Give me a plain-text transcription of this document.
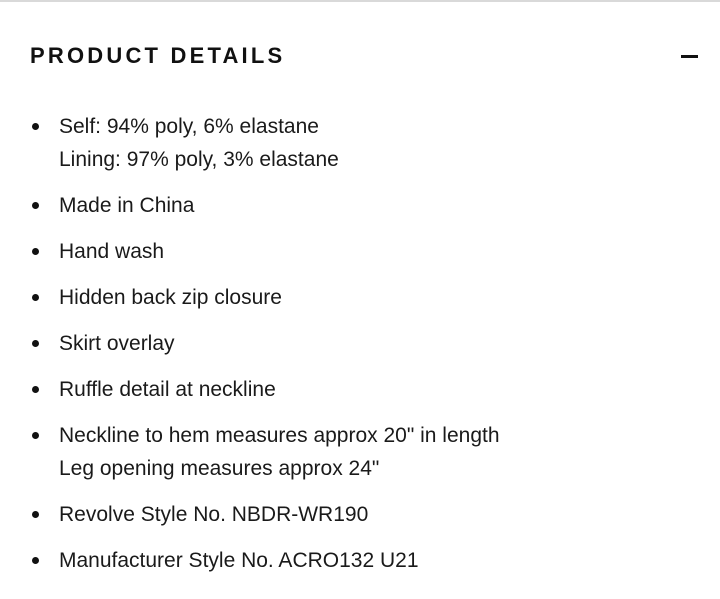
PRODUCT DETAILS
Self: 94% poly, 6% elastane
Lining: 97% poly, 3% elastane
Made in China
Hand wash
Hidden back zip closure
Skirt overlay
Ruffle detail at neckline
Neckline to hem measures approx 20" in length
Leg opening measures approx 24"
Revolve Style No. NBDR-WR190
Manufacturer Style No. ACRO132 U21
